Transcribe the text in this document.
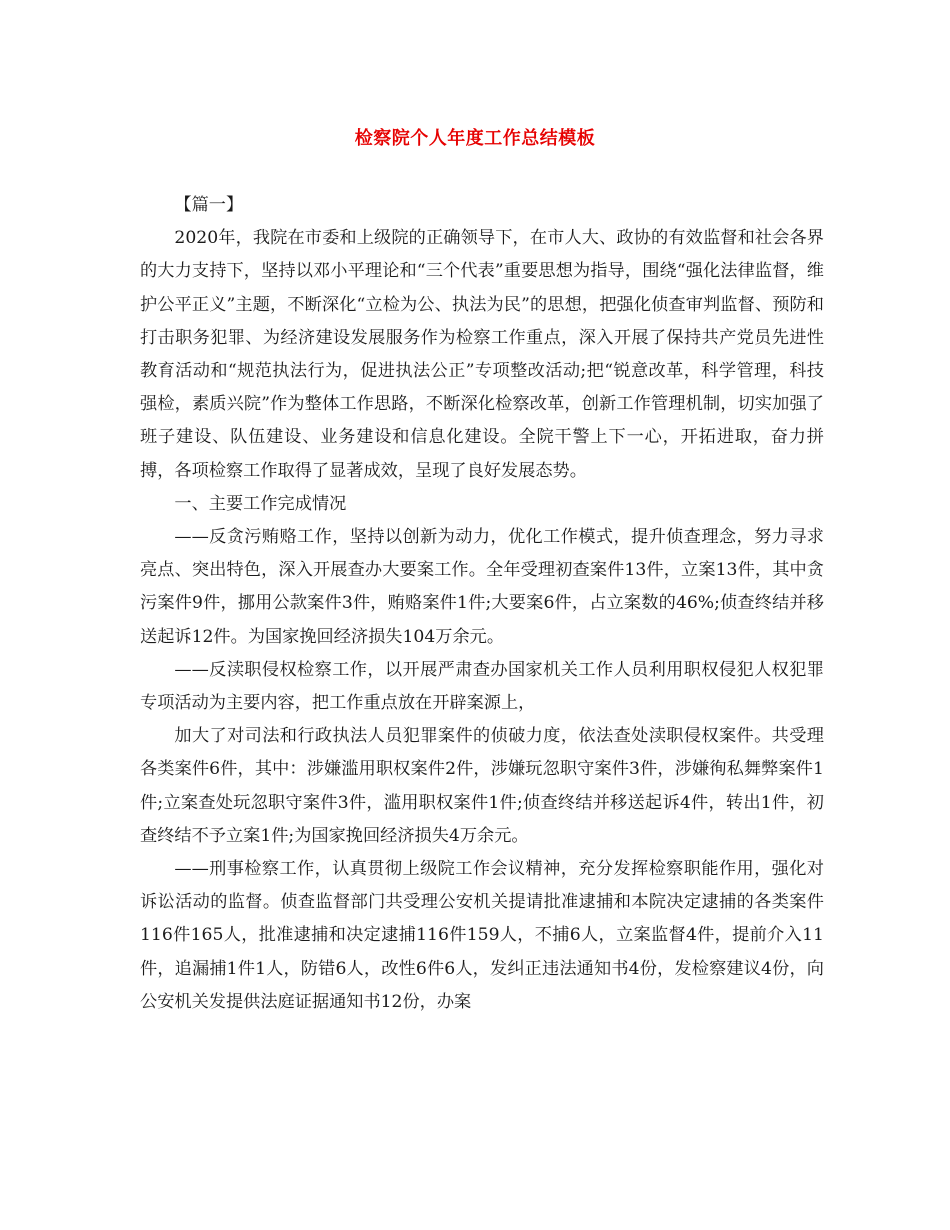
检察院个人年度工作总结模板

【篇一】

2020年，我院在市委和上级院的正确领导下，在市人大、政协的有效监督和社会各界的大力支持下，坚持以邓小平理论和“三个代表”重要思想为指导，围绕“强化法律监督，维护公平正义”主题，不断深化“立检为公、执法为民”的思想，把强化侦查审判监督、预防和打击职务犯罪、为经济建设发展服务作为检察工作重点，深入开展了保持共产党员先进性教育活动和“规范执法行为，促进执法公正”专项整改活动;把“锐意改革，科学管理，科技强检，素质兴院”作为整体工作思路，不断深化检察改革，创新工作管理机制，切实加强了班子建设、队伍建设、业务建设和信息化建设。全院干警上下一心，开拓进取，奋力拼搏，各项检察工作取得了显著成效，呈现了良好发展态势。

一、主要工作完成情况

——反贪污贿赂工作，坚持以创新为动力，优化工作模式，提升侦查理念，努力寻求亮点、突出特色，深入开展查办大要案工作。全年受理初查案件13件，立案13件，其中贪污案件9件，挪用公款案件3件，贿赂案件1件;大要案6件，占立案数的46%;侦查终结并移送起诉12件。为国家挽回经济损失104万余元。

——反渎职侵权检察工作，以开展严肃查办国家机关工作人员利用职权侵犯人权犯罪专项活动为主要内容，把工作重点放在开辟案源上，

加大了对司法和行政执法人员犯罪案件的侦破力度，依法查处渎职侵权案件。共受理各类案件6件，其中：涉嫌滥用职权案件2件，涉嫌玩忽职守案件3件，涉嫌徇私舞弊案件1件;立案查处玩忽职守案件3件，滥用职权案件1件;侦查终结并移送起诉4件，转出1件，初查终结不予立案1件;为国家挽回经济损失4万余元。

——刑事检察工作，认真贯彻上级院工作会议精神，充分发挥检察职能作用，强化对诉讼活动的监督。侦查监督部门共受理公安机关提请批准逮捕和本院决定逮捕的各类案件116件165人，批准逮捕和决定逮捕116件159人，不捕6人，立案监督4件，提前介入11件，追漏捕1件1人，防错6人，改性6件6人，发纠正违法通知书4份，发检察建议4份，向公安机关发提供法庭证据通知书12份，办案
